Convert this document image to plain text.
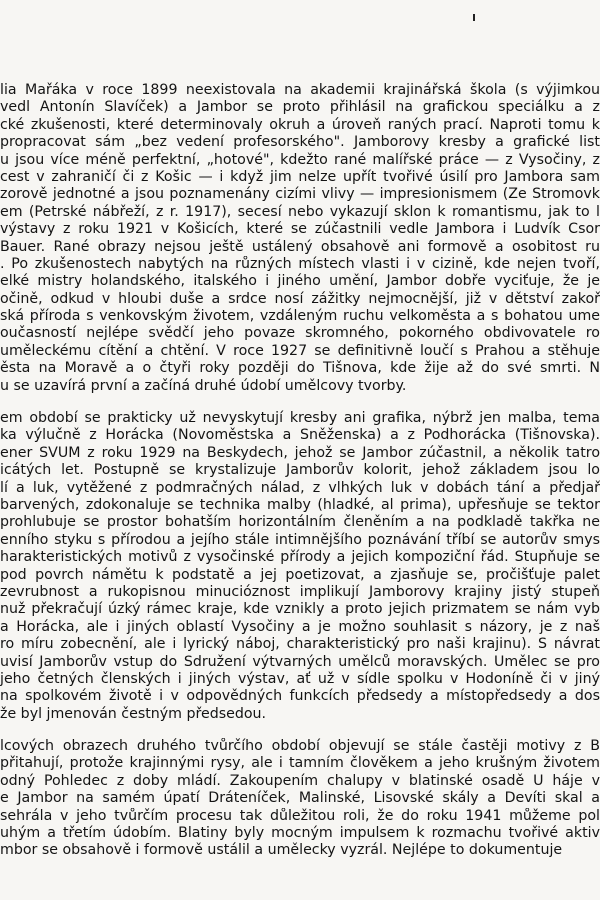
lia Mařáka v roce 1899 neexistovala na akademii krajinářská škola (s výjimkou
vedl Antonín Slavíček) a Jambor se proto přihlásil na grafickou speciálku a z
cké zkušenosti, které determinovaly okruh a úroveň raných prací. Naproti tomu k
propracovat sám „bez vedení profesorského". Jamborovy kresby a grafické list
u jsou více méně perfektní, „hotové", kdežto rané malířské práce — z Vysočiny, z
cest v zahraničí či z Košic — i když jim nelze upřít tvořivé úsilí pro Jambora sam
zorově jednotné a jsou poznamenány cizími vlivy — impresionismem (Ze Stromovk
em (Petrské nábřeží, z r. 1917), secesí nebo vykazují sklon k romantismu, jak to l
výstavy z roku 1921 v Košicích, které se zúčastnili vedle Jambora i Ludvík Csor
Bauer. Rané obrazy nejsou ještě ustálený obsahově ani formově a osobitost ru
. Po zkušenostech nabytých na různých místech vlasti i v cizině, kde nejen tvoří,
elké mistry holandského, italského i jiného umění, Jambor dobře vyciťuje, že je
očině, odkud v hloubi duše a srdce nosí zážitky nejmocnější, již v dětství zakoř
ská příroda s venkovským životem, vzdáleným ruchu velkoměsta a s bohatou ume
oučasností nejlépe svědčí jeho povaze skromného, pokorného obdivovatele ro
uměleckému cítění a chtění. V roce 1927 se definitivně loučí s Prahou a stěhuje
ěsta na Moravě a o čtyři roky později do Tišnova, kde žije až do své smrti. N
u se uzavírá první a začíná druhé údobí umělcovy tvorby.
em období se prakticky už nevyskytují kresby ani grafika, nýbrž jen malba, tema
ka výlučně z Horácka (Novoměstska a Sněženska) a z Podhorácka (Tišnovska).
ener SVUM z roku 1929 na Beskydech, jehož se Jambor zúčastnil, a několik tatro
icátých let. Postupně se krystalizuje Jamborův kolorit, jehož základem jsou lo
lí a luk, vytěžené z podmračných nálad, z vlhkých luk v dobách tání a předjař
barvených, zdokonaluje se technika malby (hladké, al prima), upřesňuje se tektor
prohlubuje se prostor bohatším horizontálním členěním a na podkladě takřka ne
enního styku s přírodou a jejího stále intimnějšího poznávání tříbí se autorův smys
harakteristických motivů z vysočinské přírody a jejich kompoziční řád. Stupňuje se
pod povrch námětu k podstatě a jej poetizovat, a zjasňuje se, pročišťuje palet
zevrubnost a rukopisnou minucióznost implikují Jamborovy krajiny jistý stupeň
nuž překračují úzký rámec kraje, kde vznikly a proto jejich prizmatem se nám vyb
a Horácka, ale i jiných oblastí Vysočiny a je možno souhlasit s názory, je z naš
ro míru zobecnění, ale i lyrický náboj, charakteristický pro naši krajinu). S návrat
uvisí Jamborův vstup do Sdružení výtvarných umělců moravských. Umělec se pro
jeho četných členských i jiných výstav, ať už v sídle spolku v Hodoníně či v jiný
na spolkovém životě i v odpovědných funkcích předsedy a místopředsedy a dos
že byl jmenován čestným předsedou.
lcových obrazech druhého tvůrčího období objevují se stále častěji motivy z B
přitahují, protože krajinnými rysy, ale i tamním člověkem a jeho krušným životem
odný Pohledec z doby mládí. Zakoupením chalupy v blatinské osadě U háje v
e Jambor na samém úpatí Dráteníček, Malinské, Lisovské skály a Devíti skal a
sehrála v jeho tvůrčím procesu tak důležitou roli, že do roku 1941 můžeme pol
uhým a třetím údobím. Blatiny byly mocným impulsem k rozmachu tvořivé aktiv
mbor se obsahově i formově ustálil a umělecky vyzrál. Nejlépe to dokumentuje
